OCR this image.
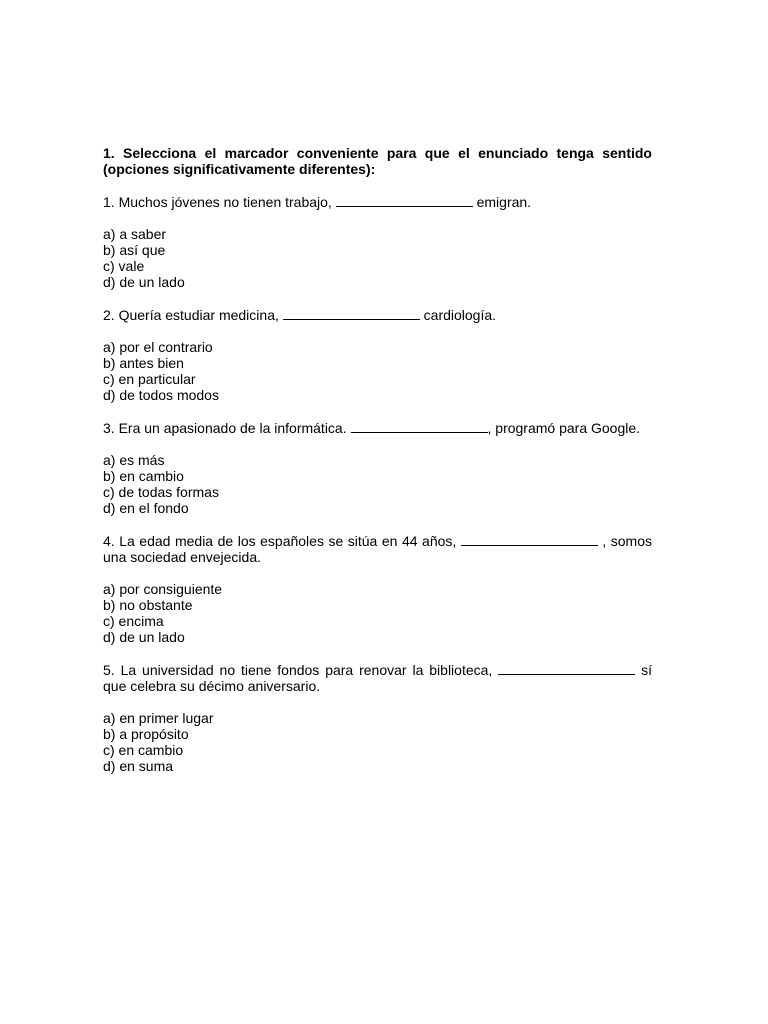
1. Selecciona el marcador conveniente para que el enunciado tenga sentido (opciones significativamente diferentes):

1. Muchos jóvenes no tienen trabajo,	emigran.

a) a saber
b) así que
c) vale
d) de un lado

2. Quería estudiar medicina,	cardiología.

a) por el contrario
b) antes bien
c) en particular
d) de todos modos

3. Era un apasionado de la informática.	, programó para Google.

a) es más
b) en cambio
c) de todas formas
d) en el fondo

4. La edad media de los españoles se sitúa en 44 años,	, somos una sociedad envejecida.

a) por consiguiente
b) no obstante
c) encima
d) de un lado

5. La universidad no tiene fondos para renovar la biblioteca,	sí que celebra su décimo aniversario.

a) en primer lugar
b) a propósito
c) en cambio
d) en suma
